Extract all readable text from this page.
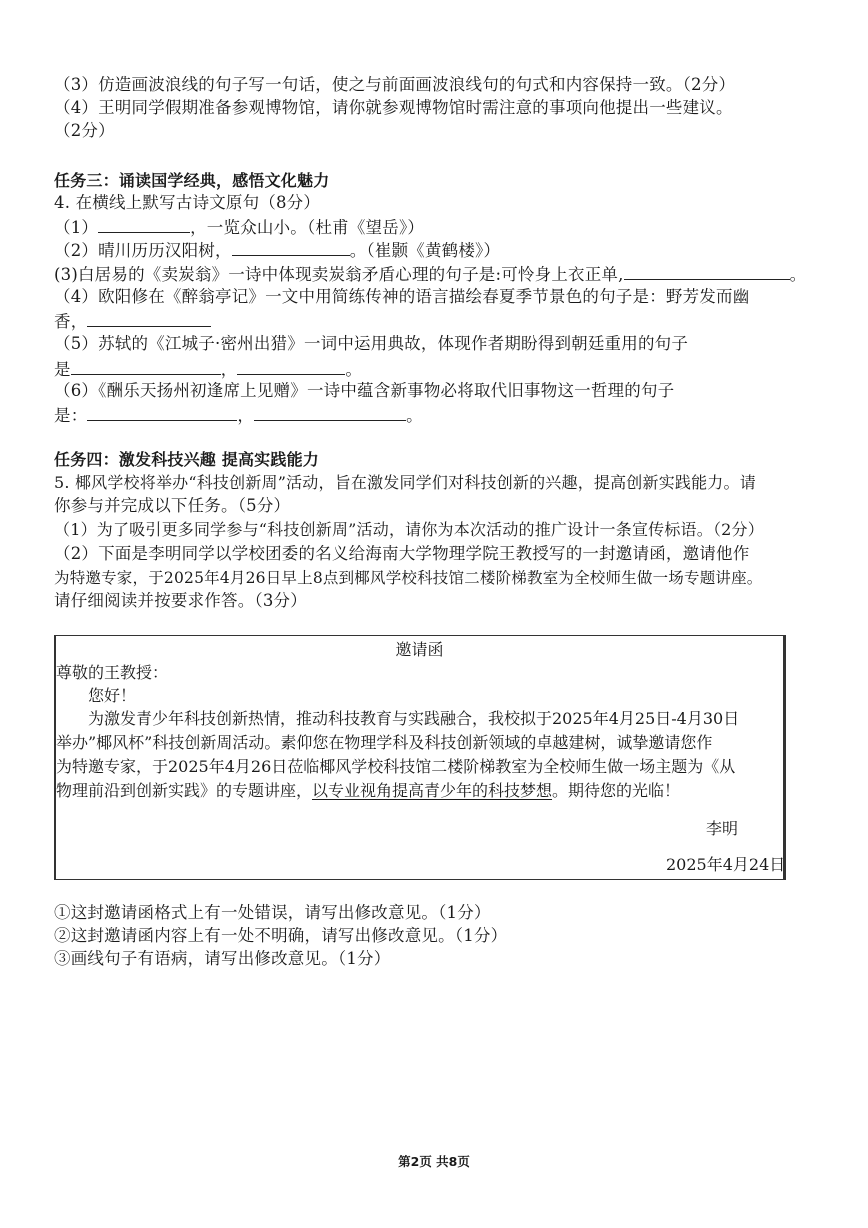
（3）仿造画波浪线的句子写一句话，使之与前面画波浪线句的句式和内容保持一致。（2分）
（4）王明同学假期准备参观博物馆，请你就参观博物馆时需注意的事项向他提出一些建议。
（2分）
任务三：诵读国学经典，感悟文化魅力
4. 在横线上默写古诗文原句（8分）
（1）	，一览众山小。（杜甫《望岳》）
（2）晴川历历汉阳树，	。（崔颢《黄鹤楼》）
(3)白居易的《卖炭翁》一诗中体现卖炭翁矛盾心理的句子是:可怜身上衣正单,	。
（4）欧阳修在《醉翁亭记》一文中用简练传神的语言描绘春夏季节景色的句子是：野芳发而幽
香，
（5）苏轼的《江城子·密州出猎》一词中运用典故，体现作者期盼得到朝廷重用的句子
是	，	。
（6）《酬乐天扬州初逢席上见赠》一诗中蕴含新事物必将取代旧事物这一哲理的句子
是：	，	。
任务四：激发科技兴趣 提高实践能力
5. 椰风学校将举办“科技创新周”活动，旨在激发同学们对科技创新的兴趣，提高创新实践能力。请
你参与并完成以下任务。（5分）
（1）为了吸引更多同学参与“科技创新周”活动，请你为本次活动的推广设计一条宣传标语。（2分）
（2）下面是李明同学以学校团委的名义给海南大学物理学院王教授写的一封邀请函，邀请他作
为特邀专家，于2025年4月26日早上8点到椰风学校科技馆二楼阶梯教室为全校师生做一场专题讲座。
请仔细阅读并按要求作答。（3分）
邀请函
尊敬的王教授：
您好！
为激发青少年科技创新热情，推动科技教育与实践融合，我校拟于2025年4月25日-4月30日
举办”椰风杯”科技创新周活动。素仰您在物理学科及科技创新领域的卓越建树，诚挚邀请您作
为特邀专家，于2025年4月26日莅临椰风学校科技馆二楼阶梯教室为全校师生做一场主题为《从
物理前沿到创新实践》的专题讲座，以专业视角提高青少年的科技梦想。期待您的光临！
李明
2025年4月24日
①这封邀请函格式上有一处错误，请写出修改意见。（1分）
②这封邀请函内容上有一处不明确，请写出修改意见。（1分）
③画线句子有语病，请写出修改意见。（1分）
第2页 共8页
